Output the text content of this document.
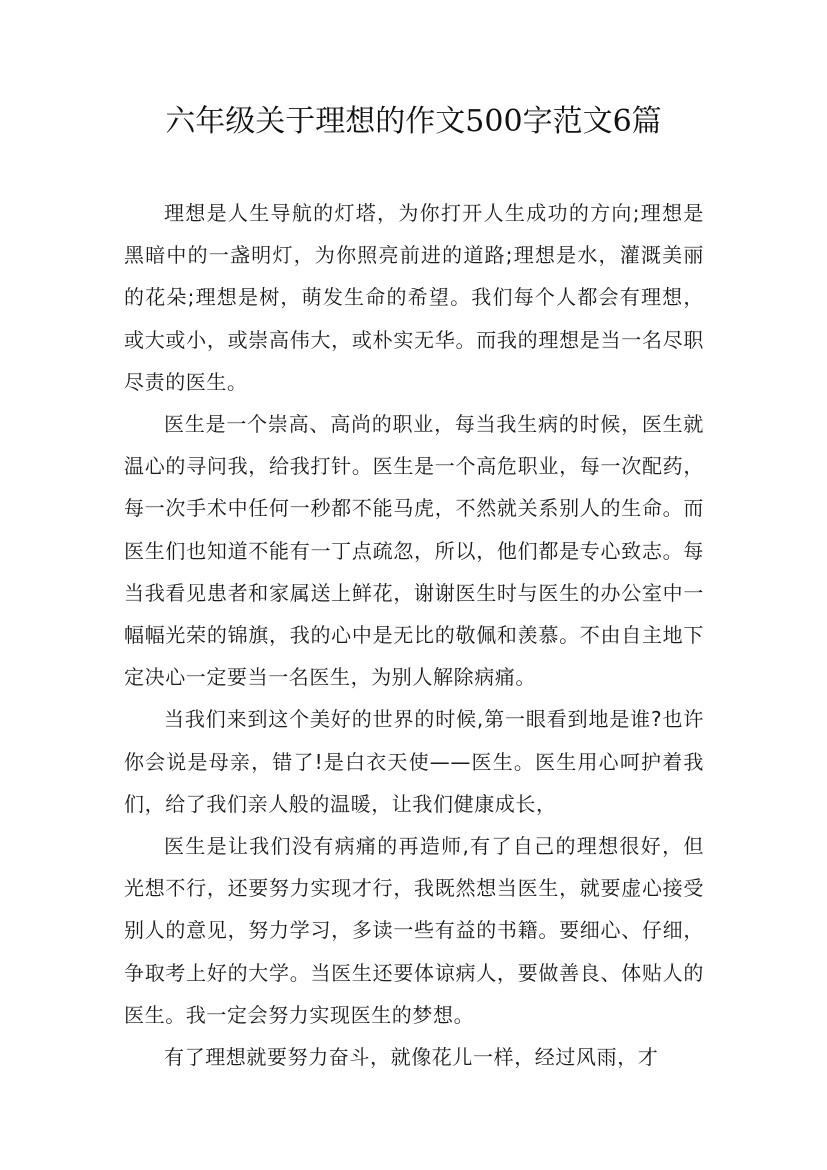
六年级关于理想的作文500字范文6篇

理想是人生导航的灯塔，为你打开人生成功的方向;理想是黑暗中的一盏明灯，为你照亮前进的道路;理想是水，灌溉美丽的花朵;理想是树，萌发生命的希望。我们每个人都会有理想，或大或小，或崇高伟大，或朴实无华。而我的理想是当一名尽职尽责的医生。

医生是一个崇高、高尚的职业，每当我生病的时候，医生就温心的寻问我，给我打针。医生是一个高危职业，每一次配药，每一次手术中任何一秒都不能马虎，不然就关系别人的生命。而医生们也知道不能有一丁点疏忽，所以，他们都是专心致志。每当我看见患者和家属送上鲜花，谢谢医生时与医生的办公室中一幅幅光荣的锦旗，我的心中是无比的敬佩和羡慕。不由自主地下定决心一定要当一名医生，为别人解除病痛。

当我们来到这个美好的世界的时候,第一眼看到地是谁?也许你会说是母亲，错了!是白衣天使——医生。医生用心呵护着我们，给了我们亲人般的温暖，让我们健康成长，

医生是让我们没有病痛的再造师,有了自己的理想很好，但光想不行，还要努力实现才行，我既然想当医生，就要虚心接受别人的意见，努力学习，多读一些有益的书籍。要细心、仔细，争取考上好的大学。当医生还要体谅病人，要做善良、体贴人的医生。我一定会努力实现医生的梦想。

有了理想就要努力奋斗，就像花儿一样，经过风雨，才
